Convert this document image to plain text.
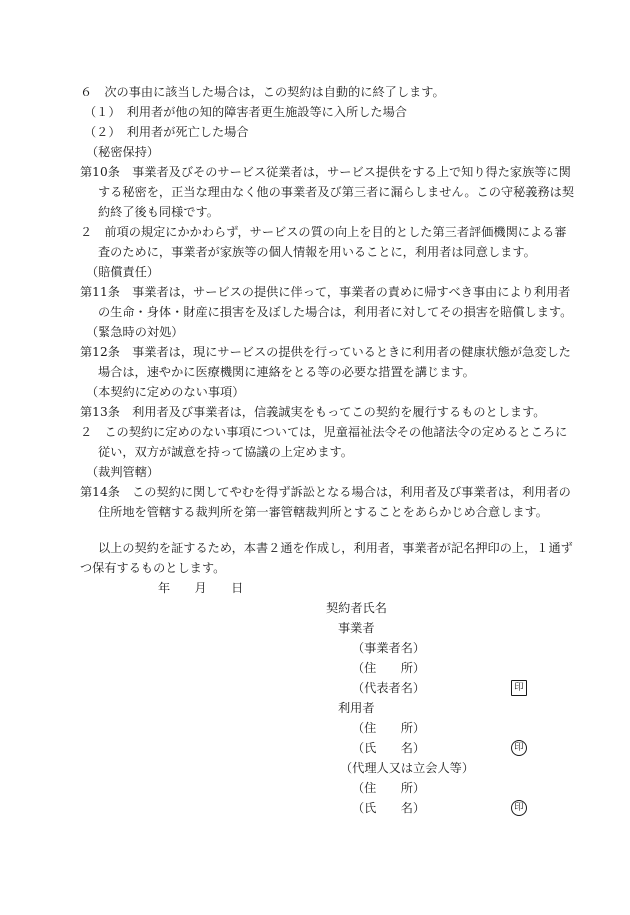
６　次の事由に該当した場合は，この契約は自動的に終了します。
（１）　利用者が他の知的障害者更生施設等に入所した場合
（２）　利用者が死亡した場合
（秘密保持）
第10条　事業者及びそのサービス従業者は，サービス提供をする上で知り得た家族等に関
する秘密を，正当な理由なく他の事業者及び第三者に漏らしません。この守秘義務は契
約終了後も同様です。
２　前項の規定にかかわらず，サービスの質の向上を目的とした第三者評価機関による審
査のために，事業者が家族等の個人情報を用いることに，利用者は同意します。
（賠償責任）
第11条　事業者は，サービスの提供に伴って，事業者の責めに帰すべき事由により利用者
の生命・身体・財産に損害を及ぼした場合は，利用者に対してその損害を賠償します。
（緊急時の対処）
第12条　事業者は，現にサービスの提供を行っているときに利用者の健康状態が急変した
場合は，速やかに医療機関に連絡をとる等の必要な措置を講じます。
（本契約に定めのない事項）
第13条　利用者及び事業者は，信義誠実をもってこの契約を履行するものとします。
２　この契約に定めのない事項については，児童福祉法令その他諸法令の定めるところに
従い，双方が誠意を持って協議の上定めます。
（裁判管轄）
第14条　この契約に関してやむを得ず訴訟となる場合は，利用者及び事業者は，利用者の
住所地を管轄する裁判所を第一審管轄裁判所とすることをあらかじめ合意します。
以上の契約を証するため，本書２通を作成し，利用者，事業者が記名押印の上，１通ず
つ保有するものとします。
年　　月　　日
契約者氏名
事業者
（事業者名）
（住　　所）
（代表者名）	印
利用者
（住　　所）
（氏　　名）	印
（代理人又は立会人等）
（住　　所）
（氏　　名）	印
